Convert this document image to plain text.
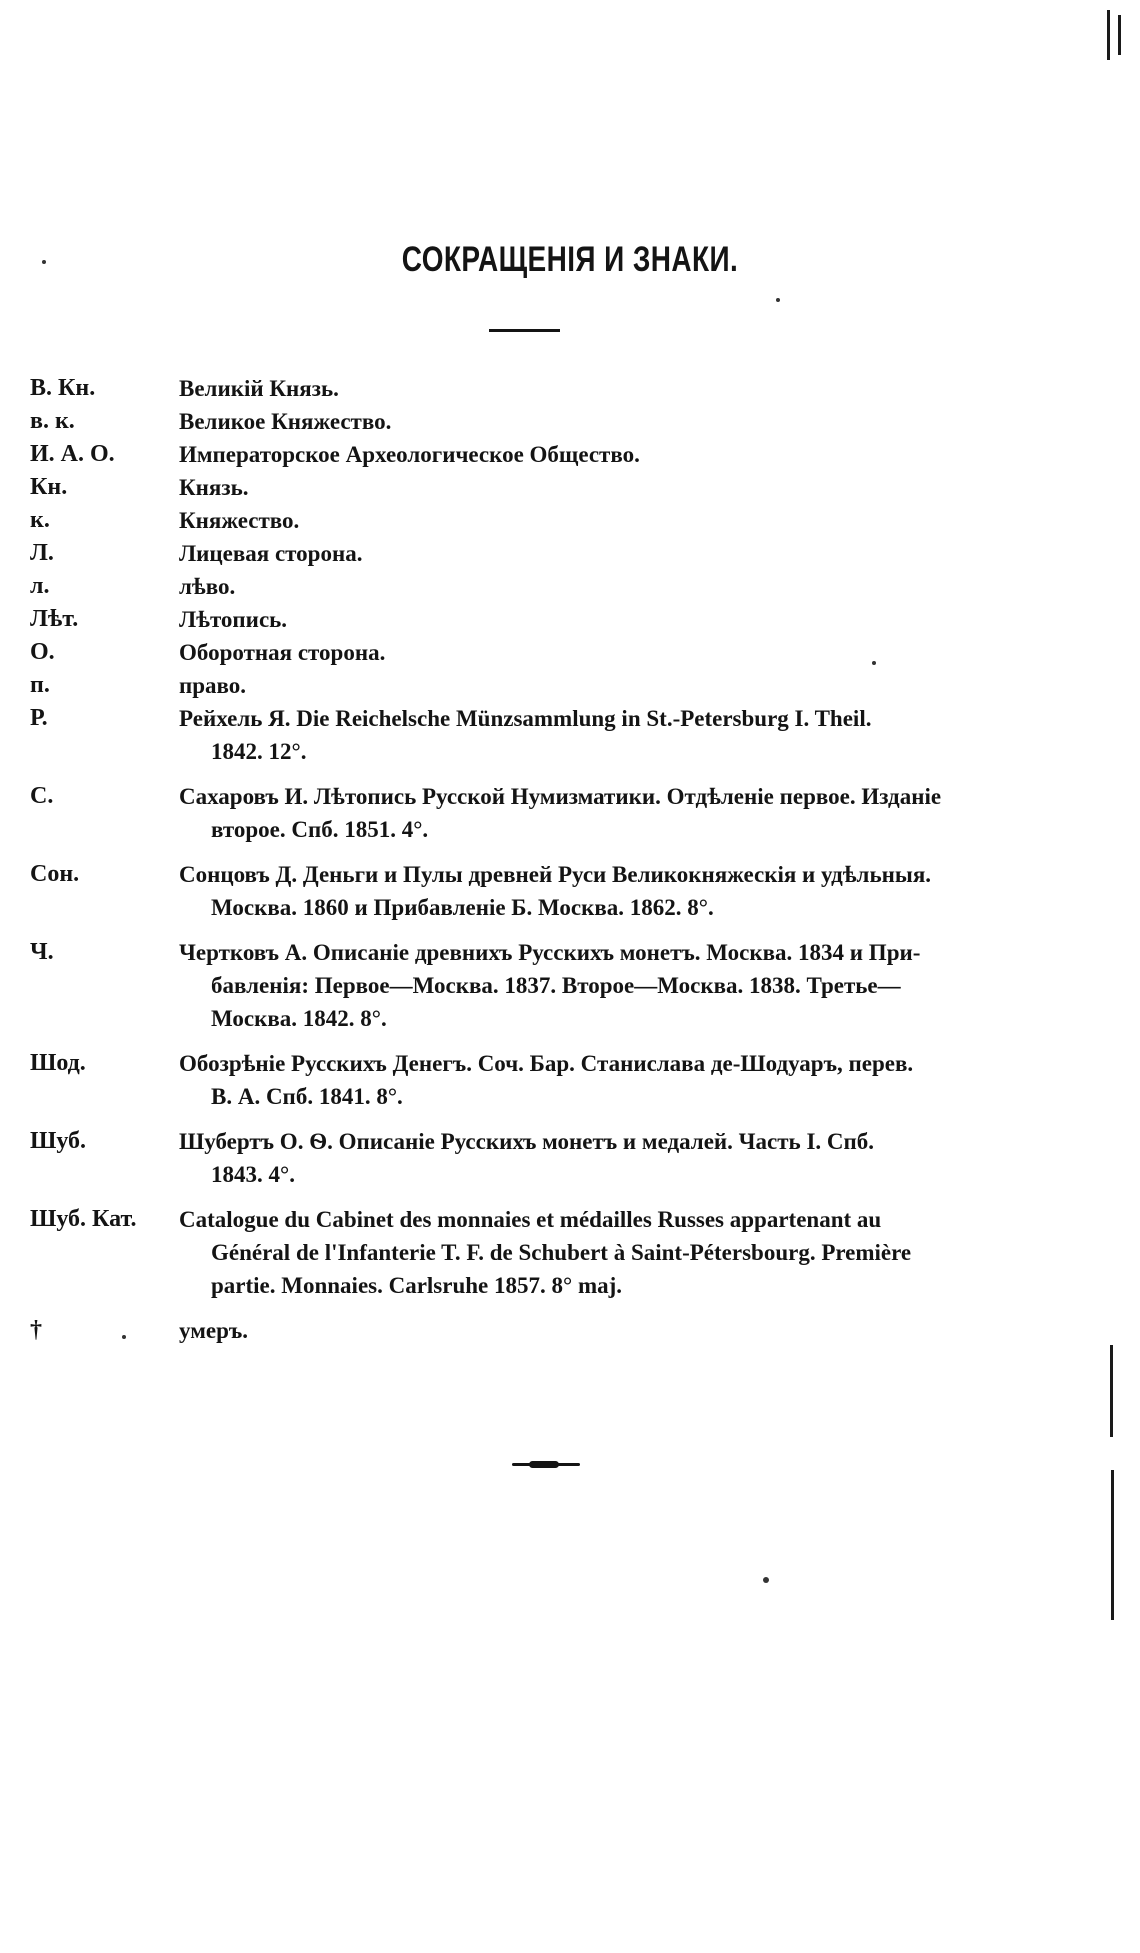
СОКРАЩЕНІЯ И ЗНАКИ.
В. Кн.	Великій Князь.
в. к.	Великое Княжество.
И. А. О.	Императорское Археологическое Общество.
Кн.	Князь.
к.	Княжество.
Л.	Лицевая сторона.
л.	лѣво.
Лѣт.	Лѣтопись.
О.	Оборотная сторона.
п.	право.
Р.	Рейхель Я. Die Reichelsche Münzsammlung in St.-Petersburg I. Theil.
1842. 12°.
С.	Сахаровъ И. Лѣтопись Русской Нумизматики. Отдѣленіе первое. Изданіе
второе. Спб. 1851. 4°.
Сон.	Сонцовъ Д. Деньги и Пулы древней Руси Великокняжескія и удѣльныя.
Москва. 1860 и Прибавленіе Б. Москва. 1862. 8°.
Ч.	Чертковъ А. Описаніе древнихъ Русскихъ монетъ. Москва. 1834 и При-
бавленія: Первое—Москва. 1837. Второе—Москва. 1838. Третье—
Москва. 1842. 8°.
Шод.	Обозрѣніе Русскихъ Денегъ. Соч. Бар. Станислава де-Шодуаръ, перев.
В. А. Спб. 1841. 8°.
Шуб.	Шубертъ О. Ѳ. Описаніе Русскихъ монетъ и медалей. Часть I. Спб.
1843. 4°.
Шуб. Кат.	Catalogue du Cabinet des monnaies et médailles Russes appartenant au
Général de l'Infanterie T. F. de Schubert à Saint-Pétersbourg. Première
partie. Monnaies. Carlsruhe 1857. 8° maj.
†	умеръ.
